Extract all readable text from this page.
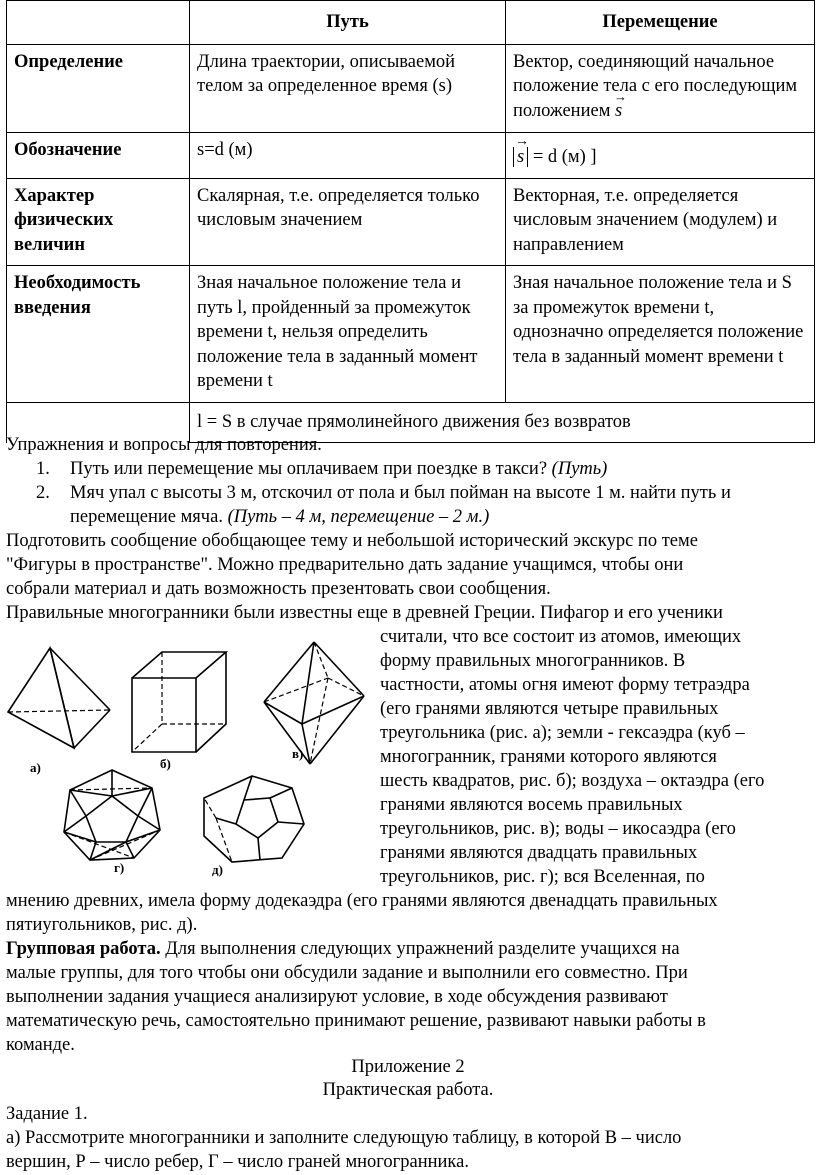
	Путь	Перемещение
Определение	Длина траектории, описываемой телом за определенное время (s)	Вектор, соединяющий начальное положение тела с его последующим положением → s
Обозначение	s=d (м)	→ s = d (м) ]
Характер физических величин	Скалярная, т.е. определяется только числовым значением	Векторная, т.е. определяется числовым значением (модулем) и направлением
Необходимость введения	Зная начальное положение тела и путь l, пройденный за промежуток времени t, нельзя определить положение тела в заданный момент времени t	Зная начальное положение тела и S за промежуток времени t, однозначно определяется положение тела в заданный момент времени t
	l = S в случае прямолинейного движения без возвратов	
Упражнения и вопросы для повторения.
1. Путь или перемещение мы оплачиваем при поездке в такси? (Путь)
2. Мяч упал с высоты 3 м, отскочил от пола и был пойман на высоте 1 м. найти путь и
перемещение мяча. (Путь – 4 м, перемещение – 2 м.)
Подготовить сообщение обобщающее тему и небольшой исторический экскурс по теме
"Фигуры в пространстве". Можно предварительно дать задание учащимся, чтобы они
собрали материал и дать возможность презентовать свои сообщения.
Правильные многогранники были известны еще в древней Греции. Пифагор и его ученики
считали, что все состоит из атомов, имеющих
форму правильных многогранников. В
частности, атомы огня имеют форму тетраэдра
(его гранями являются четыре правильных
треугольника (рис. а); земли - гексаэдра (куб –
многогранник, гранями которого являются
шесть квадратов, рис. б); воздуха – октаэдра (его
гранями являются восемь правильных
треугольников, рис. в); воды – икосаэдра (его
гранями являются двадцать правильных
треугольников, рис. г); вся Вселенная, по
а)	б)
в)
г)	д)
мнению древних, имела форму додекаэдра (его гранями являются двенадцать правильных
пятиугольников, рис. д).
Групповая работа. Для выполнения следующих упражнений разделите учащихся на
малые группы, для того чтобы они обсудили задание и выполнили его совместно. При
выполнении задания учащиеся анализируют условие, в ходе обсуждения развивают
математическую речь, самостоятельно принимают решение, развивают навыки работы в
команде.
Приложение 2
Практическая работа.
Задание 1.
а) Рассмотрите многогранники и заполните следующую таблицу, в которой В – число
вершин, Р – число ребер, Г – число граней многогранника.
